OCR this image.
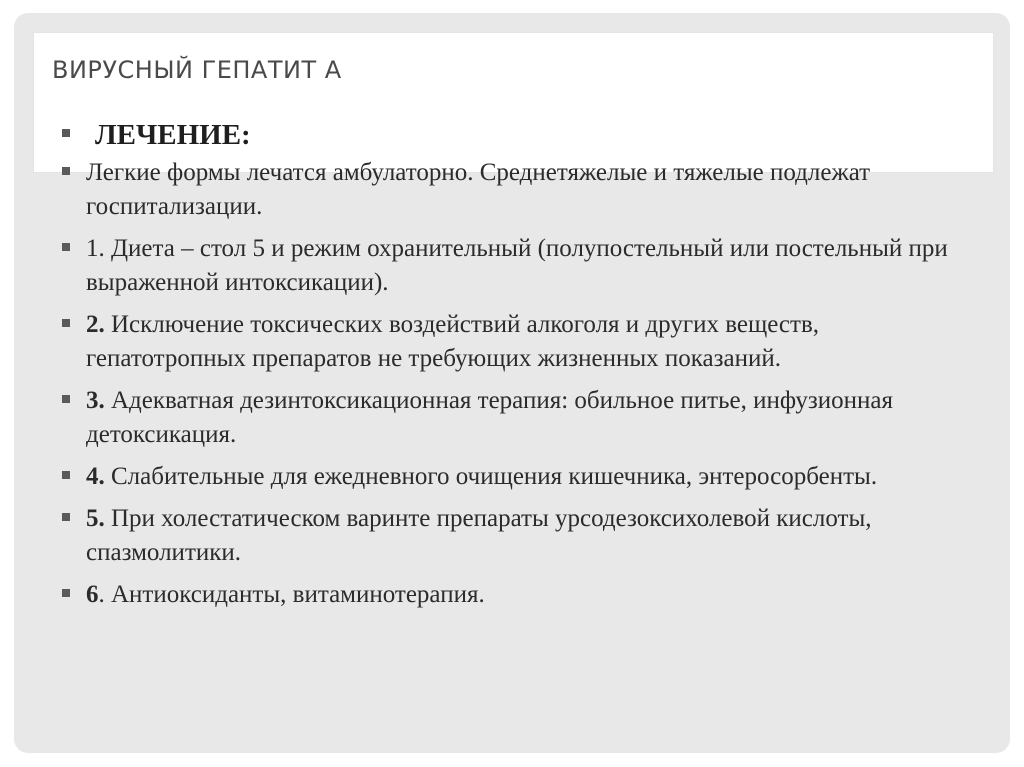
ВИРУСНЫЙ ГЕПАТИТ А
ЛЕЧЕНИЕ:
Легкие формы лечатся амбулаторно. Среднетяжелые и тяжелые подлежат госпитализации.
1. Диета – стол 5 и режим охранительный (полупостельный или постельный при выраженной интоксикации).
2. Исключение токсических воздействий алкоголя и других веществ, гепатотропных препаратов не требующих жизненных показаний.
3. Адекватная дезинтоксикационная терапия: обильное питье, инфузионная детоксикация.
4. Слабительные для ежедневного очищения кишечника, энтеросорбенты.
5. При холестатическом варинте препараты урсодезоксихолевой кислоты, спазмолитики.
6. Антиоксиданты, витаминотерапия.
